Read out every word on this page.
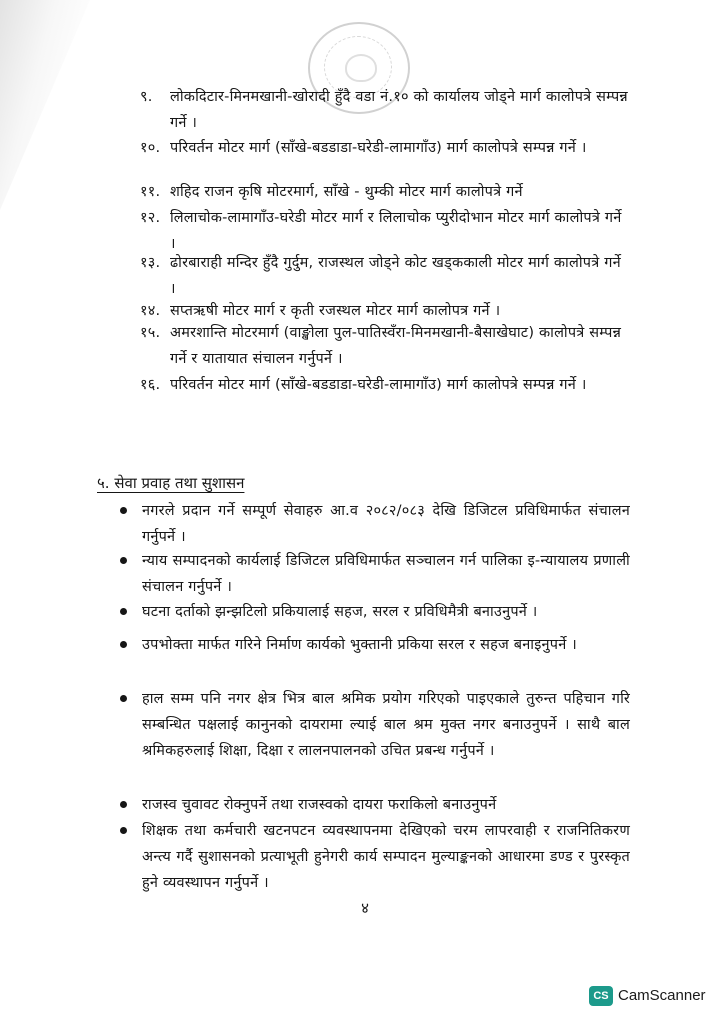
९.	लोकदिटार-मिनमखानी-खोरादी हुँदै वडा नं.१० को कार्यालय जोड्ने मार्ग कालोपत्रे सम्पन्न गर्ने ।
१०. परिवर्तन मोटर मार्ग (साँखे-बडडाडा-घरेडी-लामागाँउ) मार्ग कालोपत्रे सम्पन्न गर्ने ।
११. शहिद राजन कृषि मोटरमार्ग, साँखे - थुम्की मोटर मार्ग कालोपत्रे गर्ने
१२. लिलाचोक-लामागाँउ-घरेडी मोटर मार्ग र लिलाचोक प्युरीदोभान मोटर मार्ग कालोपत्रे गर्ने ।
१३. ढोरबाराही मन्दिर हुँदै गुर्दुम, राजस्थल जोड्ने कोट खड्ककाली मोटर मार्ग कालोपत्रे गर्ने ।
१४. सप्तऋषी मोटर मार्ग र कृती रजस्थल मोटर मार्ग कालोपत्र गर्ने ।
१५. अमरशान्ति मोटरमार्ग (वाङ्खोला पुल-पातिस्वँरा-मिनमखानी-बैसाखेघाट) कालोपत्रे सम्पन्न गर्ने र यातायात संचालन गर्नुपर्ने ।
१६. परिवर्तन मोटर मार्ग (साँखे-बडडाडा-घरेडी-लामागाँउ) मार्ग कालोपत्रे सम्पन्न गर्ने ।
५. सेवा प्रवाह तथा सुशासन
नगरले प्रदान गर्ने सम्पूर्ण सेवाहरु आ.व २०८२/०८३ देखि डिजिटल प्रविधिमार्फत संचालन गर्नुपर्ने ।
न्याय सम्पादनको कार्यलाई डिजिटल प्रविधिमार्फत सञ्चालन गर्न पालिका इ-न्यायालय प्रणाली संचालन गर्नुपर्ने ।
घटना दर्ताको झन्झटिलो प्रकियालाई सहज, सरल र प्रविधिमैत्री बनाउनुपर्ने ।
उपभोक्ता मार्फत गरिने निर्माण कार्यको भुक्तानी प्रकिया सरल र सहज बनाइनुपर्ने ।
हाल सम्म पनि नगर क्षेत्र भित्र बाल श्रमिक प्रयोग गरिएको पाइएकाले तुरुन्त पहिचान गरि सम्बन्धित पक्षलाई कानुनको दायरामा ल्याई बाल श्रम मुक्त नगर बनाउनुपर्ने । साथै बाल श्रमिकहरुलाई शिक्षा, दिक्षा र लालनपालनको उचित प्रबन्ध गर्नुपर्ने ।
राजस्व चुवावट रोक्नुपर्ने तथा राजस्वको दायरा फराकिलो बनाउनुपर्ने
शिक्षक तथा कर्मचारी खटनपटन व्यवस्थापनमा देखिएको चरम लापरवाही र राजनितिकरण अन्त्य गर्दै सुशासनको प्रत्याभूती हुनेगरी कार्य सम्पादन मुल्याङ्कनको आधारमा डण्ड र पुरस्कृत हुने व्यवस्थापन गर्नुपर्ने ।
४
CS CamScanner
